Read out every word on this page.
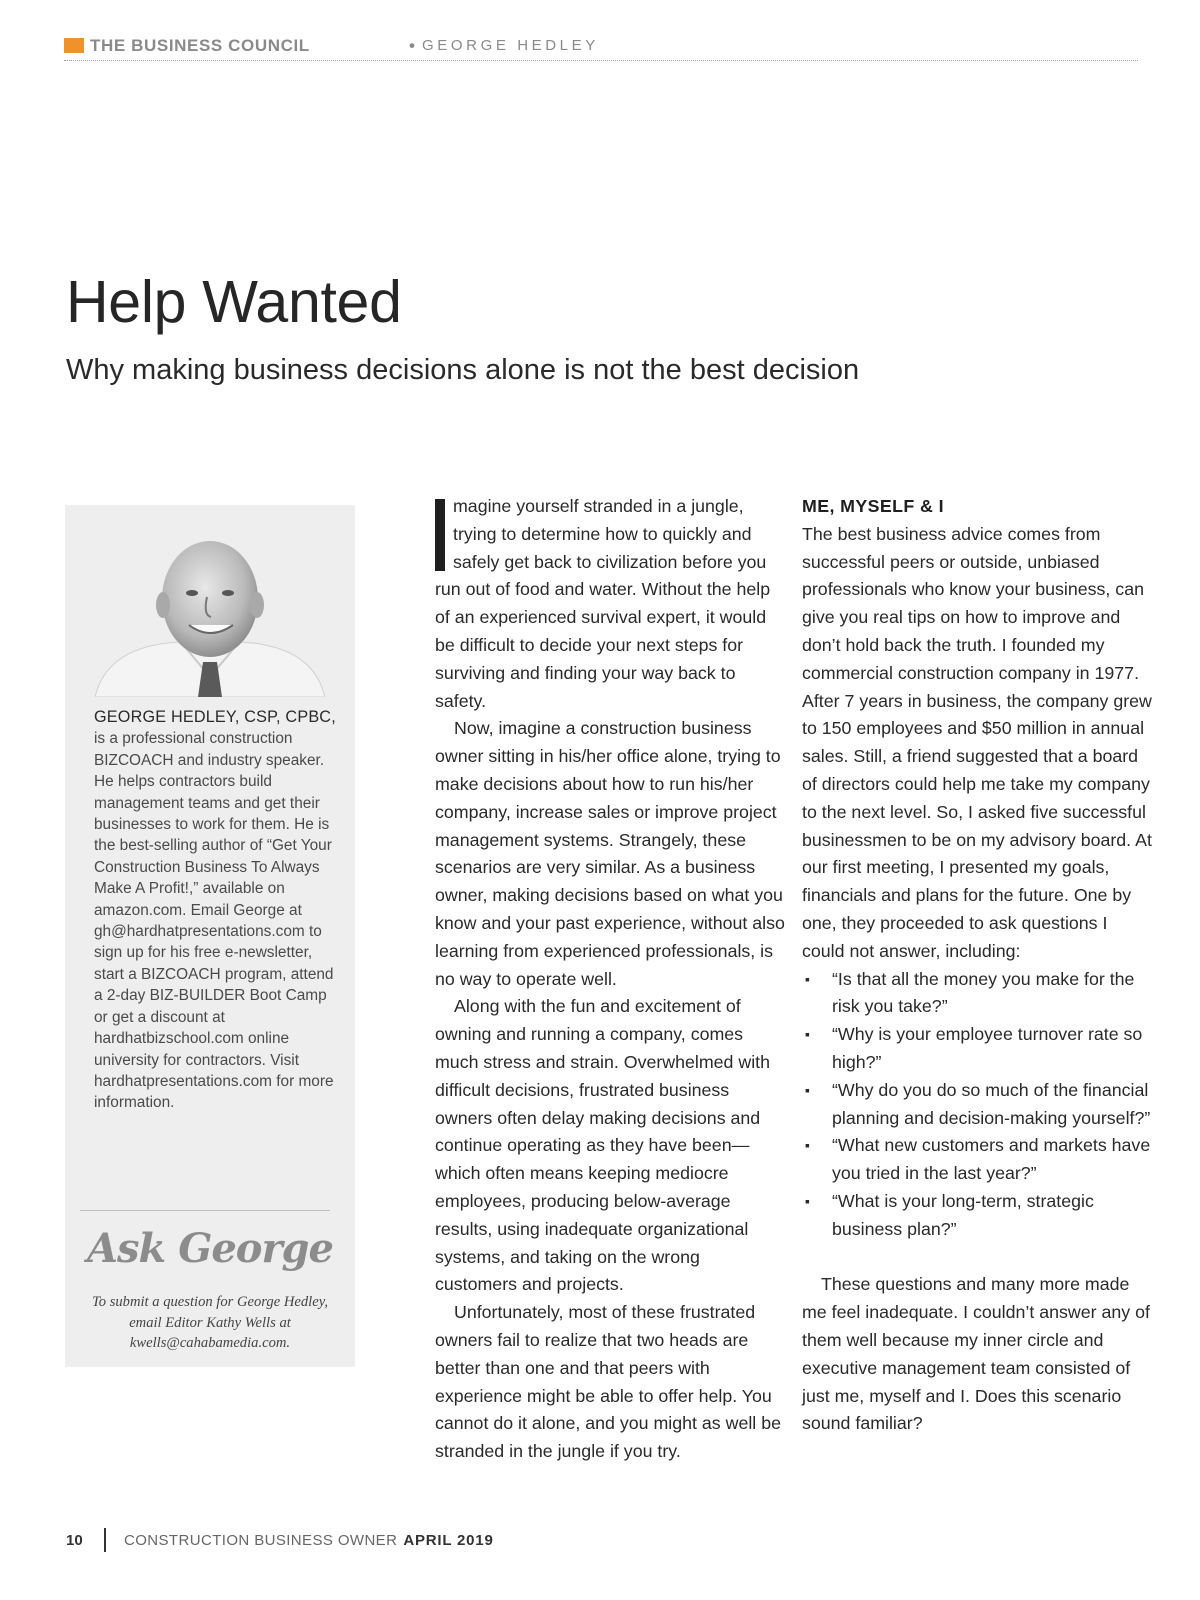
THE BUSINESS COUNCIL	• GEORGE HEDLEY
Help Wanted
Why making business decisions alone is not the best decision
GEORGE HEDLEY, CSP, CPBC, is a professional construction BIZCOACH and industry speaker. He helps contractors build management teams and get their businesses to work for them. He is the best-selling author of “Get Your Construction Business To Always Make A Profit!,” available on amazon.com. Email George at gh@hardhatpresentations.com to sign up for his free e-newsletter, start a BIZCOACH program, attend a 2-day BIZ-BUILDER Boot Camp or get a discount at hardhatbizschool.com online university for contractors. Visit hardhatpresentations.com for more information.
Ask George
To submit a question for George Hedley, email Editor Kathy Wells at kwells@cahabamedia.com.

magine yourself stranded in a jungle, trying to determine how to quickly and safely get back to civilization before you run out of food and water. Without the help of an experienced survival expert, it would be difficult to decide your next steps for surviving and finding your way back to safety.

Now, imagine a construction business owner sitting in his/her office alone, trying to make decisions about how to run his/her company, increase sales or improve project management systems. Strangely, these scenarios are very similar. As a business owner, making decisions based on what you know and your past experience, without also learning from experienced professionals, is no way to operate well.

Along with the fun and excitement of owning and running a company, comes much stress and strain. Overwhelmed with difficult decisions, frustrated business owners often delay making decisions and continue operating as they have been—which often means keeping mediocre employees, producing below-average results, using inadequate organizational systems, and taking on the wrong customers and projects.

Unfortunately, most of these frustrated owners fail to realize that two heads are better than one and that peers with experience might be able to offer help. You cannot do it alone, and you might as well be stranded in the jungle if you try.

ME, MYSELF & I

The best business advice comes from successful peers or outside, unbiased professionals who know your business, can give you real tips on how to improve and don’t hold back the truth. I founded my commercial construction company in 1977. After 7 years in business, the company grew to 150 employees and $50 million in annual sales. Still, a friend suggested that a board of directors could help me take my company to the next level. So, I asked five successful businessmen to be on my advisory board. At our first meeting, I presented my goals, financials and plans for the future. One by one, they proceeded to ask questions I could not answer, including:

▪ “Is that all the money you make for the risk you take?”
▪ “Why is your employee turnover rate so high?”
▪ “Why do you do so much of the financial planning and decision-making yourself?”
▪ “What new customers and markets have you tried in the last year?”
▪ “What is your long-term, strategic business plan?”

These questions and many more made me feel inadequate. I couldn’t answer any of them well because my inner circle and executive management team consisted of just me, myself and I. Does this scenario sound familiar?

10	CONSTRUCTION BUSINESS OWNER APRIL 2019
